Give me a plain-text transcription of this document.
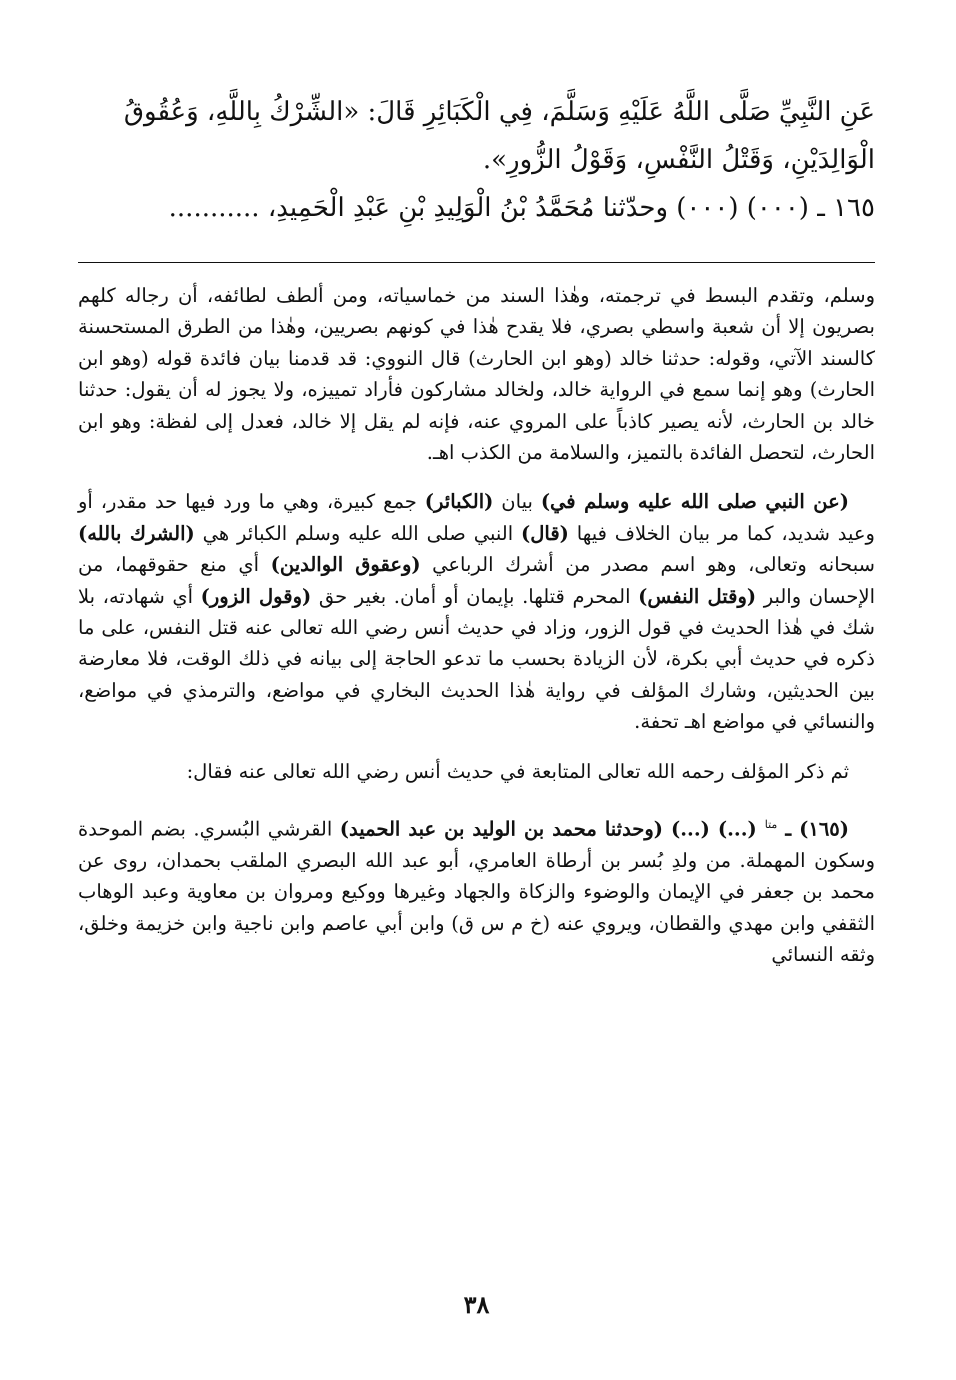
عَنِ النَّبِيِّ صَلَّى اللَّهُ عَلَيْهِ وَسَلَّمَ، فِي الْكَبَائِرِ قَالَ: «الشِّرْكُ بِاللَّهِ، وَعُقُوقُ

الْوَالِدَيْنِ، وَقَتْلُ النَّفْسِ، وَقَوْلُ الزُّورِ».

١٦٥ ـ (٠٠٠) (٠٠٠) وحدّثنا مُحَمَّدُ بْنُ الْوَلِيدِ بْنِ عَبْدِ الْحَمِيدِ، ...........

وسلم، وتقدم البسط في ترجمته، وهٰذا السند من خماسياته، ومن ألطف لطائفه، أن رجاله كلهم بصريون إلا أن شعبة واسطي بصري، فلا يقدح هٰذا في كونهم بصريين، وهٰذا من الطرق المستحسنة كالسند الآتي، وقوله: حدثنا خالد (وهو ابن الحارث) قال النووي: قد قدمنا بيان فائدة قوله (وهو ابن الحارث) وهو إنما سمع في الرواية خالد، ولخالد مشاركون فأراد تمييزه، ولا يجوز له أن يقول: حدثنا خالد بن الحارث، لأنه يصير كاذباً على المروي عنه، فإنه لم يقل إلا خالد، فعدل إلى لفظة: وهو ابن الحارث، لتحصل الفائدة بالتميز، والسلامة من الكذب اهـ.

(عن النبي صلى الله عليه وسلم في) بيان (الكبائر) جمع كبيرة، وهي ما ورد فيها حد مقدر، أو وعيد شديد، كما مر بيان الخلاف فيها (قال) النبي صلى الله عليه وسلم الكبائر هي (الشرك بالله) سبحانه وتعالى، وهو اسم مصدر من أشرك الرباعي (وعقوق الوالدين) أي منع حقوقهما، من الإحسان والبر (وقتل النفس) المحرم قتلها. بإيمان أو أمان. بغير حق (وقول الزور) أي شهادته، بلا شك في هٰذا الحديث في قول الزور، وزاد في حديث أنس رضي الله تعالى عنه قتل النفس، على ما ذكره في حديث أبي بكرة، لأن الزيادة بحسب ما تدعو الحاجة إلى بيانه في ذلك الوقت، فلا معارضة بين الحديثين، وشارك المؤلف في رواية هٰذا الحديث البخاري في مواضع، والترمذي في مواضع، والنسائي في مواضع اهـ تحفة.

ثم ذكر المؤلف رحمه الله تعالى المتابعة في حديث أنس رضي الله تعالى عنه فقال:

(١٦٥) ـ $^{متا}$ (...) (...) (وحدثنا محمد بن الوليد بن عبد الحميد) القرشي البُسري. بضم الموحدة وسكون المهملة. من ولدِ بُسر بن أرطاة العامري، أبو عبد الله البصري الملقب بحمدان، روى عن محمد بن جعفر في الإيمان والوضوء والزكاة والجهاد وغيرها ووكيع ومروان بن معاوية وعبد الوهاب الثقفي وابن مهدي والقطان، ويروي عنه (خ م س ق) وابن أبي عاصم وابن ناجية وابن خزيمة وخلق، وثقه النسائي

٣٨
